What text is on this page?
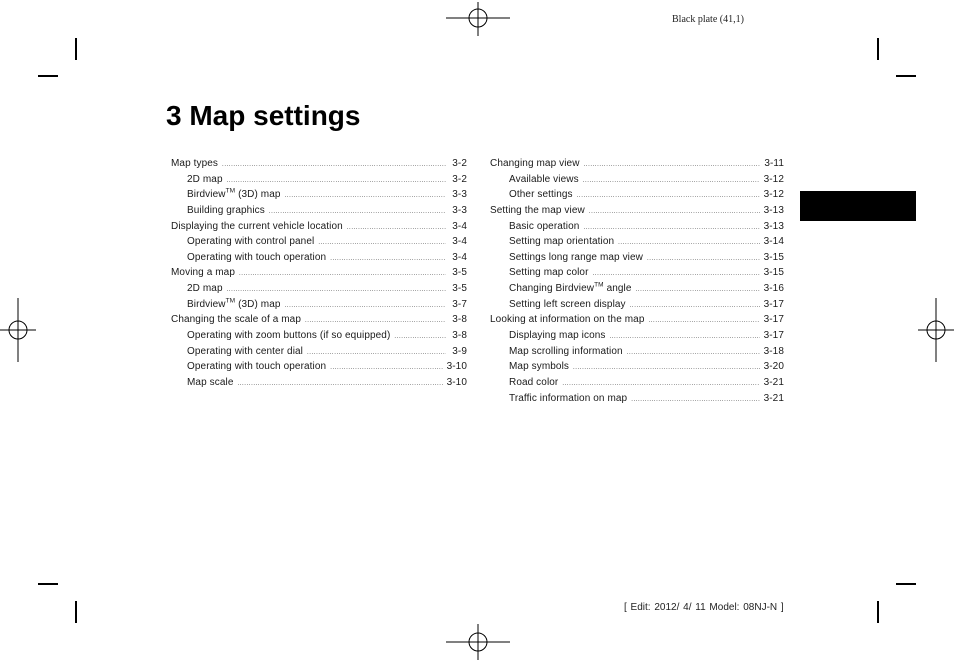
Black plate (41,1)
3 Map settings
Map types .....	3-2
2D map .....	3-2
Birdview™ (3D) map .....	3-3
Building graphics .....	3-3
Displaying the current vehicle location .....	3-4
Operating with control panel .....	3-4
Operating with touch operation .....	3-4
Moving a map .....	3-5
2D map .....	3-5
Birdview™ (3D) map .....	3-7
Changing the scale of a map .....	3-8
Operating with zoom buttons (if so equipped) .....	3-8
Operating with center dial .....	3-9
Operating with touch operation .....	3-10
Map scale .....	3-10
Changing map view .....	3-11
Available views .....	3-12
Other settings .....	3-12
Setting the map view .....	3-13
Basic operation .....	3-13
Setting map orientation .....	3-14
Settings long range map view .....	3-15
Setting map color .....	3-15
Changing Birdview™ angle .....	3-16
Setting left screen display .....	3-17
Looking at information on the map .....	3-17
Displaying map icons .....	3-17
Map scrolling information .....	3-18
Map symbols .....	3-20
Road color .....	3-21
Traffic information on map .....	3-21
[ Edit: 2012/ 4/ 11 Model: 08NJ-N ]
